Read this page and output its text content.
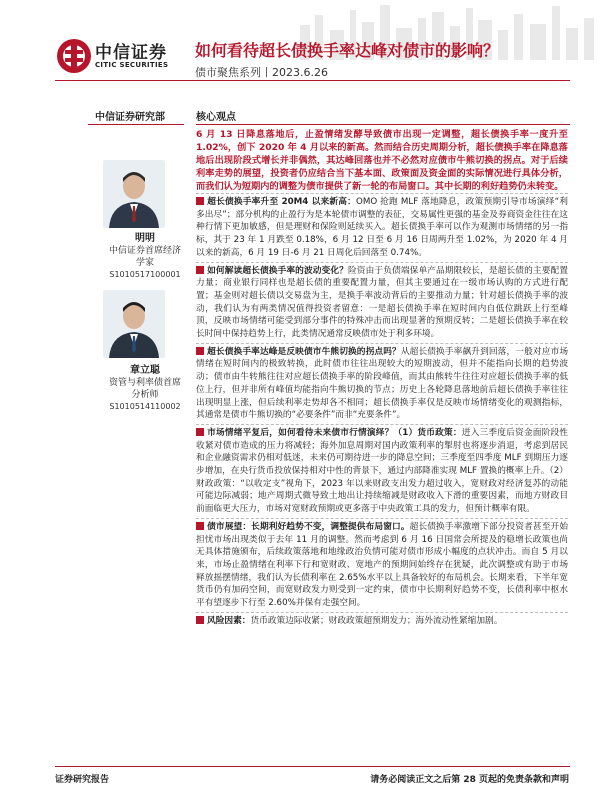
中信证券
CITIC SECURITIES
如何看待超长债换手率达峰对债市的影响？
债市聚焦系列丨2023.6.26
中信证券研究部	核心观点
明明
中信证券首席经济
学家
S1010517100001
章立聪
资管与利率债首席
分析师
S1010514110002

6 月 13 日降息落地后，止盈情绪发酵导致债市出现一定调整，超长债换手率一度升至 1.02%，创下 2020 年 4 月以来的新高。然而结合历史周期分析，超长债换手率在降息落地后出现阶段式增长并非偶然，其达峰回落也并不必然对应债市牛熊切换的拐点。对于后续利率走势的展望，投资者仍应结合当下基本面、政策面及资金面的实际情况进行具体分析，而我们认为短期内的调整为债市提供了新一轮的布局窗口。其中长期的利好趋势仍未转变。

超长债换手率升至 20M4 以来新高：OMO 抢跑 MLF 落地降息，政策预期引导市场演绎“利多出尽”；部分机构的止盈行为是本轮债市调整的表征，交易属性更强的基金及券商资金往往在这种行情下更加敏感，但是理财和保险则延续买入。超长债换手率可以作为观测市场情绪的另一指标，其于 23 年 1 月跌至 0.18%，6 月 12 日至 6 月 16 日周两升至 1.02%，为 2020 年 4 月以来的新高，6 月 19 日-6 月 21 日周化后回落至 0.74%。
如何解读超长债换手率的波动变化？险资由于负债端保单产品期限较长，是超长债的主要配置力量；商业银行同样也是超长债的重要配置力量，但其主要通过在一级市场认购的方式进行配置；基金则对超长债以交易盘为主，是换手率波动背后的主要推动力量；针对超长债换手率的波动，我们认为有两类情况值得投资者留意：一是超长债换手率在短时间内自低位跳跃上行至峰顶，反映市场情绪可能受到部分事件的特殊冲击而出现显著的预期反转；二是超长债换手率在较长时间中保持趋势上行，此类情况通常反映债市处于利多环境。
超长债换手率达峰是反映债市牛熊切换的拐点吗？从超长债换手率飙升到回落，一般对应市场情绪在短时间内的极致转换，此时债市往往出现较大的短期波动，但并不能指向长期的趋势波动；债市由牛转熊往往对应超长债换手率的阶段峰值，而其由熊转牛往往对应超长债换手率的低位上行，但并非所有峰值均能指向牛熊切换的节点；历史上各轮降息落地前后超长债换手率往往出现明显上涨，但后续利率走势却各不相同；超长债换手率仅是反映市场情绪变化的观测指标，其通常是债市牛熊切换的“必要条件”而非“充要条件”。
市场情绪平复后，如何看待未来债市行情演绎？（1）货币政策：进入三季度后资金面阶段性收紧对债市造成的压力将减轻；海外加息周期对国内政策利率的掣肘也将逐步消退，考虑到居民和企业融资需求仍相对低迷，未来仍可期待进一步的降息空间；三季度至四季度 MLF 到期压力逐步增加，在央行货币投放保持相对中性的背景下，通过内部降准实现 MLF 置换的概率上升。（2）财政政策：“以收定支”视角下，2023 年以来财政支出发力超过收入，宽财政对经济复苏的动能可能边际减弱；地产周期式微导致土地出让持续缩减是财政收入下滑的重要因素，而地方财政目前面临更大压力，市场对宽财政预期或更多落于中央政策工具的发力，但预计概率有限。
债市展望：长期利好趋势不变，调整提供布局窗口。超长债换手率激增下部分投资者甚至开始担忧市场出现类似于去年 11 月的调整。然而考虑到 6 月 16 日国常会所提及的稳增长政策也尚无具体措施颁布，后续政策落地和地缘政治负情可能对债市形成小幅度的点状冲击。而自 5 月以来，市场止盈情绪在利率下行和宽财政、宽地产的预期间始终存在犹疑，此次调整或有助于市场释放摇摆情绪，我们认为长债利率在 2.65%水平以上具备较好的布局机会。长期来看，下半年宽货币仍有加码空间，而宽财政发力则受到一定约束，债市中长期利好趋势不变，长债利率中枢水平有望逐步下行至 2.60%并保有走强空间。
风险因素：货币政策边际收紧；财政政策超预期发力；海外流动性紧缩加剧。
证券研究报告	请务必阅读正文之后第 28 页起的免责条款和声明
